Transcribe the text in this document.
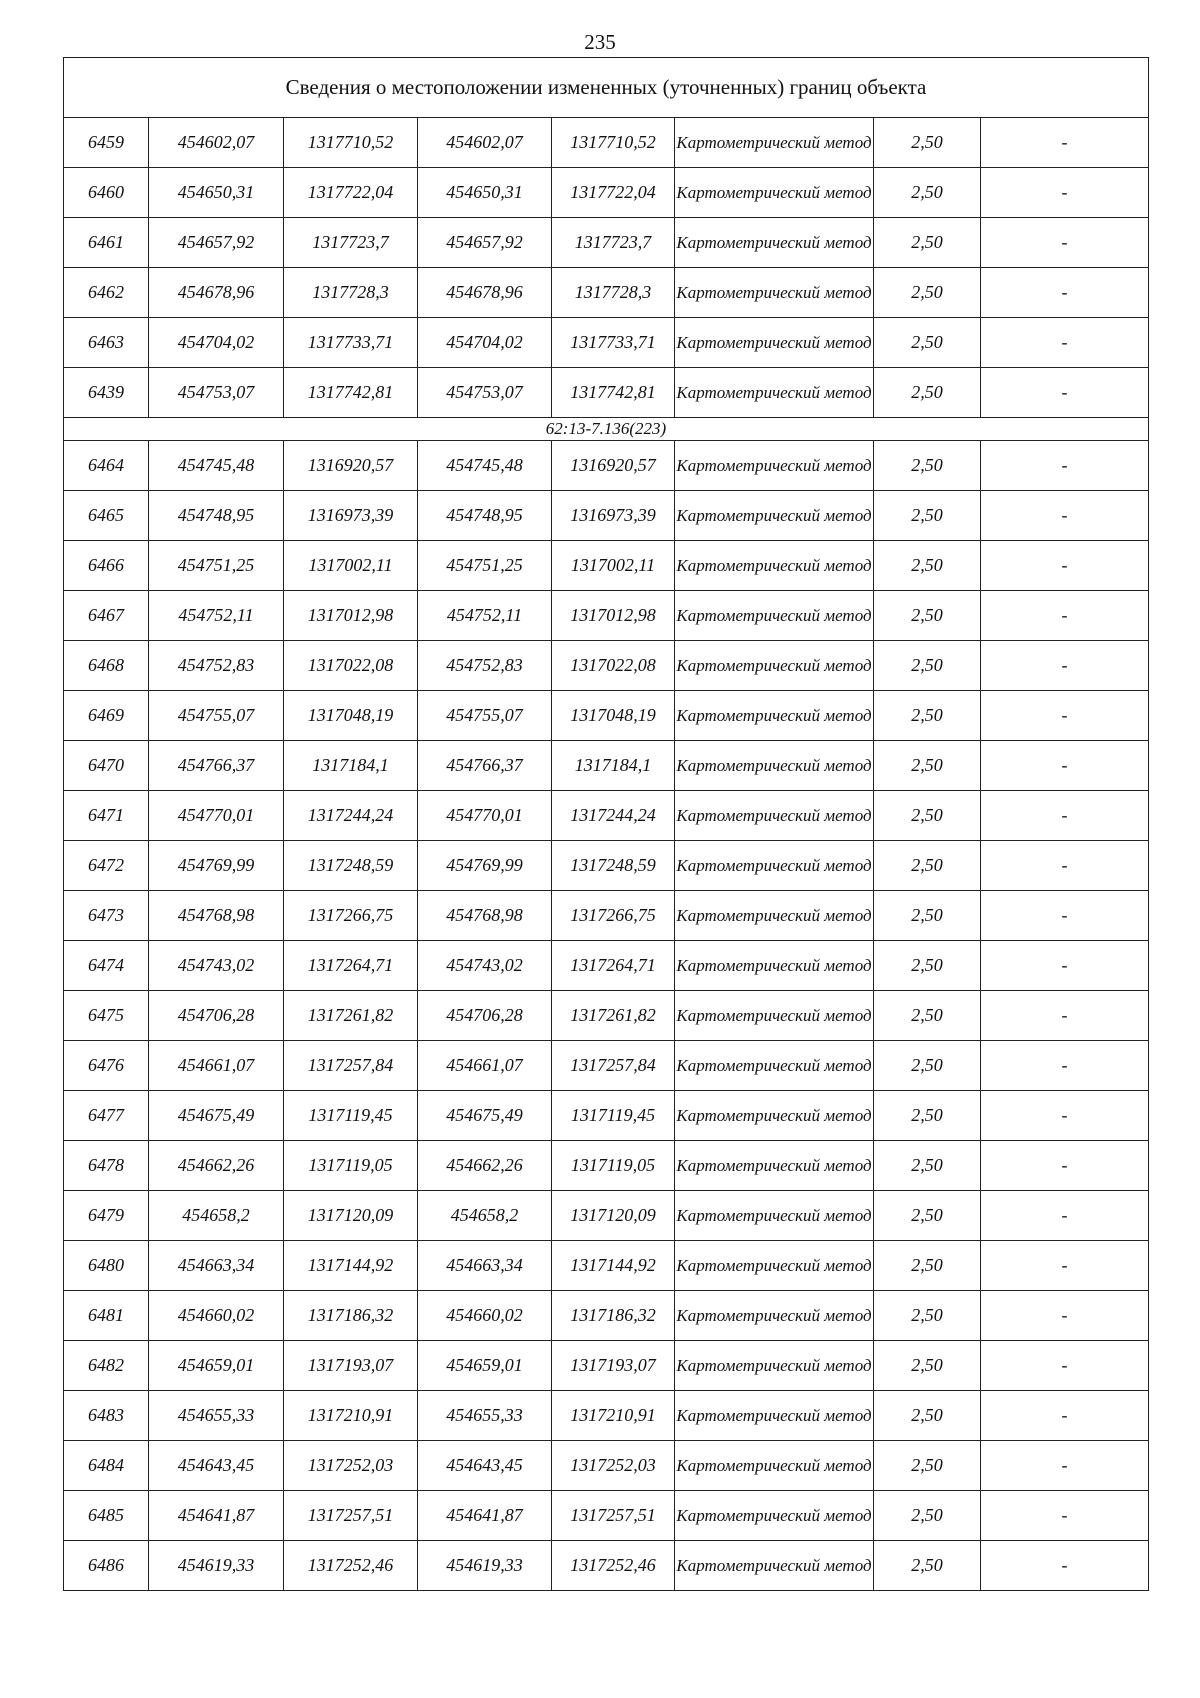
235
Сведения о местоположении измененных (уточненных) границ объекта							
6459	454602,07	1317710,52	454602,07	1317710,52	Картометрический метод	2,50	-
6460	454650,31	1317722,04	454650,31	1317722,04	Картометрический метод	2,50	-
6461	454657,92	1317723,7	454657,92	1317723,7	Картометрический метод	2,50	-
6462	454678,96	1317728,3	454678,96	1317728,3	Картометрический метод	2,50	-
6463	454704,02	1317733,71	454704,02	1317733,71	Картометрический метод	2,50	-
6439	454753,07	1317742,81	454753,07	1317742,81	Картометрический метод	2,50	-
62:13-7.136(223)							
6464	454745,48	1316920,57	454745,48	1316920,57	Картометрический метод	2,50	-
6465	454748,95	1316973,39	454748,95	1316973,39	Картометрический метод	2,50	-
6466	454751,25	1317002,11	454751,25	1317002,11	Картометрический метод	2,50	-
6467	454752,11	1317012,98	454752,11	1317012,98	Картометрический метод	2,50	-
6468	454752,83	1317022,08	454752,83	1317022,08	Картометрический метод	2,50	-
6469	454755,07	1317048,19	454755,07	1317048,19	Картометрический метод	2,50	-
6470	454766,37	1317184,1	454766,37	1317184,1	Картометрический метод	2,50	-
6471	454770,01	1317244,24	454770,01	1317244,24	Картометрический метод	2,50	-
6472	454769,99	1317248,59	454769,99	1317248,59	Картометрический метод	2,50	-
6473	454768,98	1317266,75	454768,98	1317266,75	Картометрический метод	2,50	-
6474	454743,02	1317264,71	454743,02	1317264,71	Картометрический метод	2,50	-
6475	454706,28	1317261,82	454706,28	1317261,82	Картометрический метод	2,50	-
6476	454661,07	1317257,84	454661,07	1317257,84	Картометрический метод	2,50	-
6477	454675,49	1317119,45	454675,49	1317119,45	Картометрический метод	2,50	-
6478	454662,26	1317119,05	454662,26	1317119,05	Картометрический метод	2,50	-
6479	454658,2	1317120,09	454658,2	1317120,09	Картометрический метод	2,50	-
6480	454663,34	1317144,92	454663,34	1317144,92	Картометрический метод	2,50	-
6481	454660,02	1317186,32	454660,02	1317186,32	Картометрический метод	2,50	-
6482	454659,01	1317193,07	454659,01	1317193,07	Картометрический метод	2,50	-
6483	454655,33	1317210,91	454655,33	1317210,91	Картометрический метод	2,50	-
6484	454643,45	1317252,03	454643,45	1317252,03	Картометрический метод	2,50	-
6485	454641,87	1317257,51	454641,87	1317257,51	Картометрический метод	2,50	-
6486	454619,33	1317252,46	454619,33	1317252,46	Картометрический метод	2,50	-
